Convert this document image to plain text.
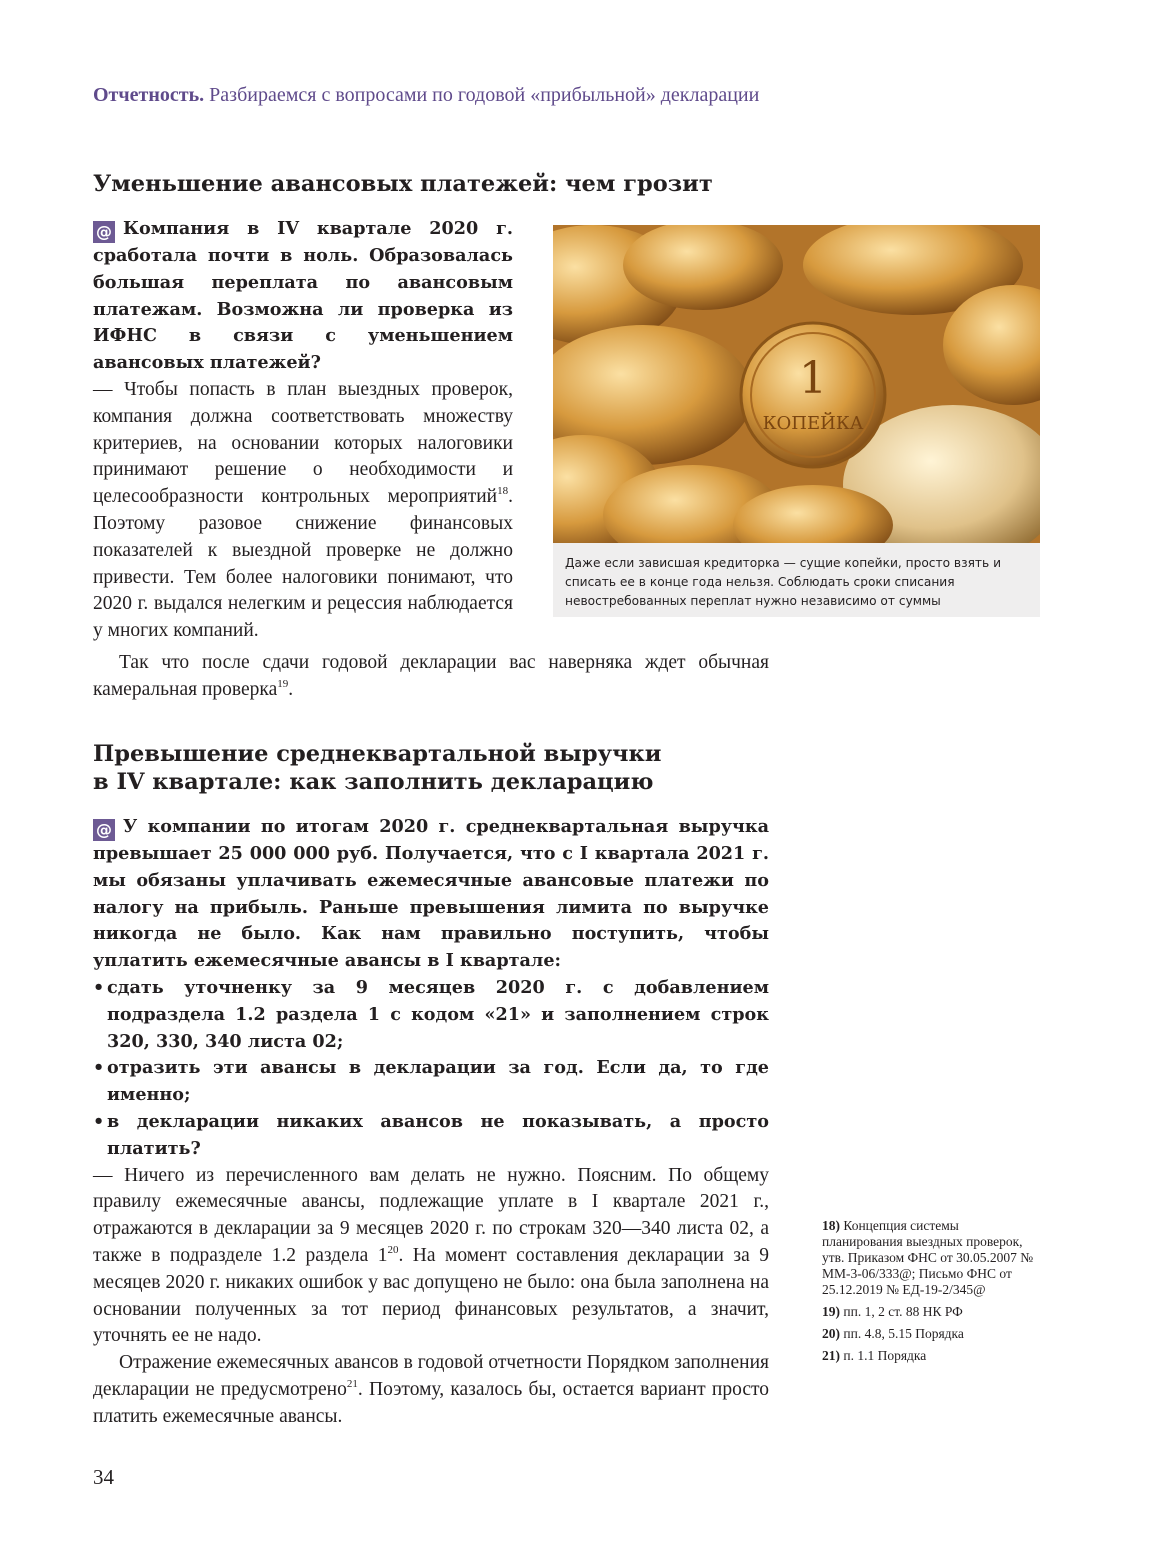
Отчетность. Разбираемся с вопросами по годовой «прибыльной» декларации
Уменьшение авансовых платежей: чем грозит

@ Компания в IV квартале 2020 г. сработала почти в ноль. Образовалась большая переплата по авансовым платежам. Возможна ли проверка из ИФНС в связи с уменьшением авансовых платежей?

— Чтобы попасть в план выездных проверок, компания должна соответствовать множеству критериев, на основании которых налоговики принимают решение о необходимости и целесообразности контрольных мероприятий$^{18}$. Поэтому разовое снижение финансовых показателей к выездной проверке не должно привести. Тем более налоговики понимают, что 2020 г. выдался нелегким и рецессия наблюдается у многих компаний.

Так что после сдачи годовой декларации вас наверняка ждет обычная камеральная проверка$^{19}$.

1 КОПЕЙКА
Даже если зависшая кредиторка — сущие копейки, просто взять и списать ее в конце года нельзя. Соблюдать сроки списания невостребованных переплат нужно независимо от суммы
Превышение среднеквартальной выручки
в IV квартале: как заполнить декларацию

@ У компании по итогам 2020 г. среднеквартальная выручка превышает 25 000 000 руб. Получается, что с I квартала 2021 г. мы обязаны уплачивать ежемесячные авансовые платежи по налогу на прибыль. Раньше превышения лимита по выручке никогда не было. Как нам правильно поступить, чтобы уплатить ежемесячные авансы в I квартале:

• сдать уточненку за 9 месяцев 2020 г. с добавлением подраздела 1.2 раздела 1 с кодом «21» и заполнением строк 320, 330, 340 листа 02;
• отразить эти авансы в декларации за год. Если да, то где именно;
• в декларации никаких авансов не показывать, а просто платить?

— Ничего из перечисленного вам делать не нужно. Поясним. По общему правилу ежемесячные авансы, подлежащие уплате в I квартале 2021 г., отражаются в декларации за 9 месяцев 2020 г. по строкам 320—340 листа 02, а также в подразделе 1.2 раздела $1^{20}$. На момент составления декларации за 9 месяцев 2020 г. никаких ошибок у вас допущено не было: она была заполнена на основании полученных за тот период финансовых результатов, а значит, уточнять ее не надо.

Отражение ежемесячных авансов в годовой отчетности Порядком заполнения декларации не предусмотрено$^{21}$. Поэтому, казалось бы, остается вариант просто платить ежемесячные авансы.

18) Концепция системы планирования выездных проверок, утв. Приказом ФНС от 30.05.2007 № ММ-3-06/333@; Письмо ФНС от 25.12.2019 № ЕД-19-2/345@
19) пп. 1, 2 ст. 88 НК РФ
20) пп. 4.8, 5.15 Порядка
21) п. 1.1 Порядка
34
